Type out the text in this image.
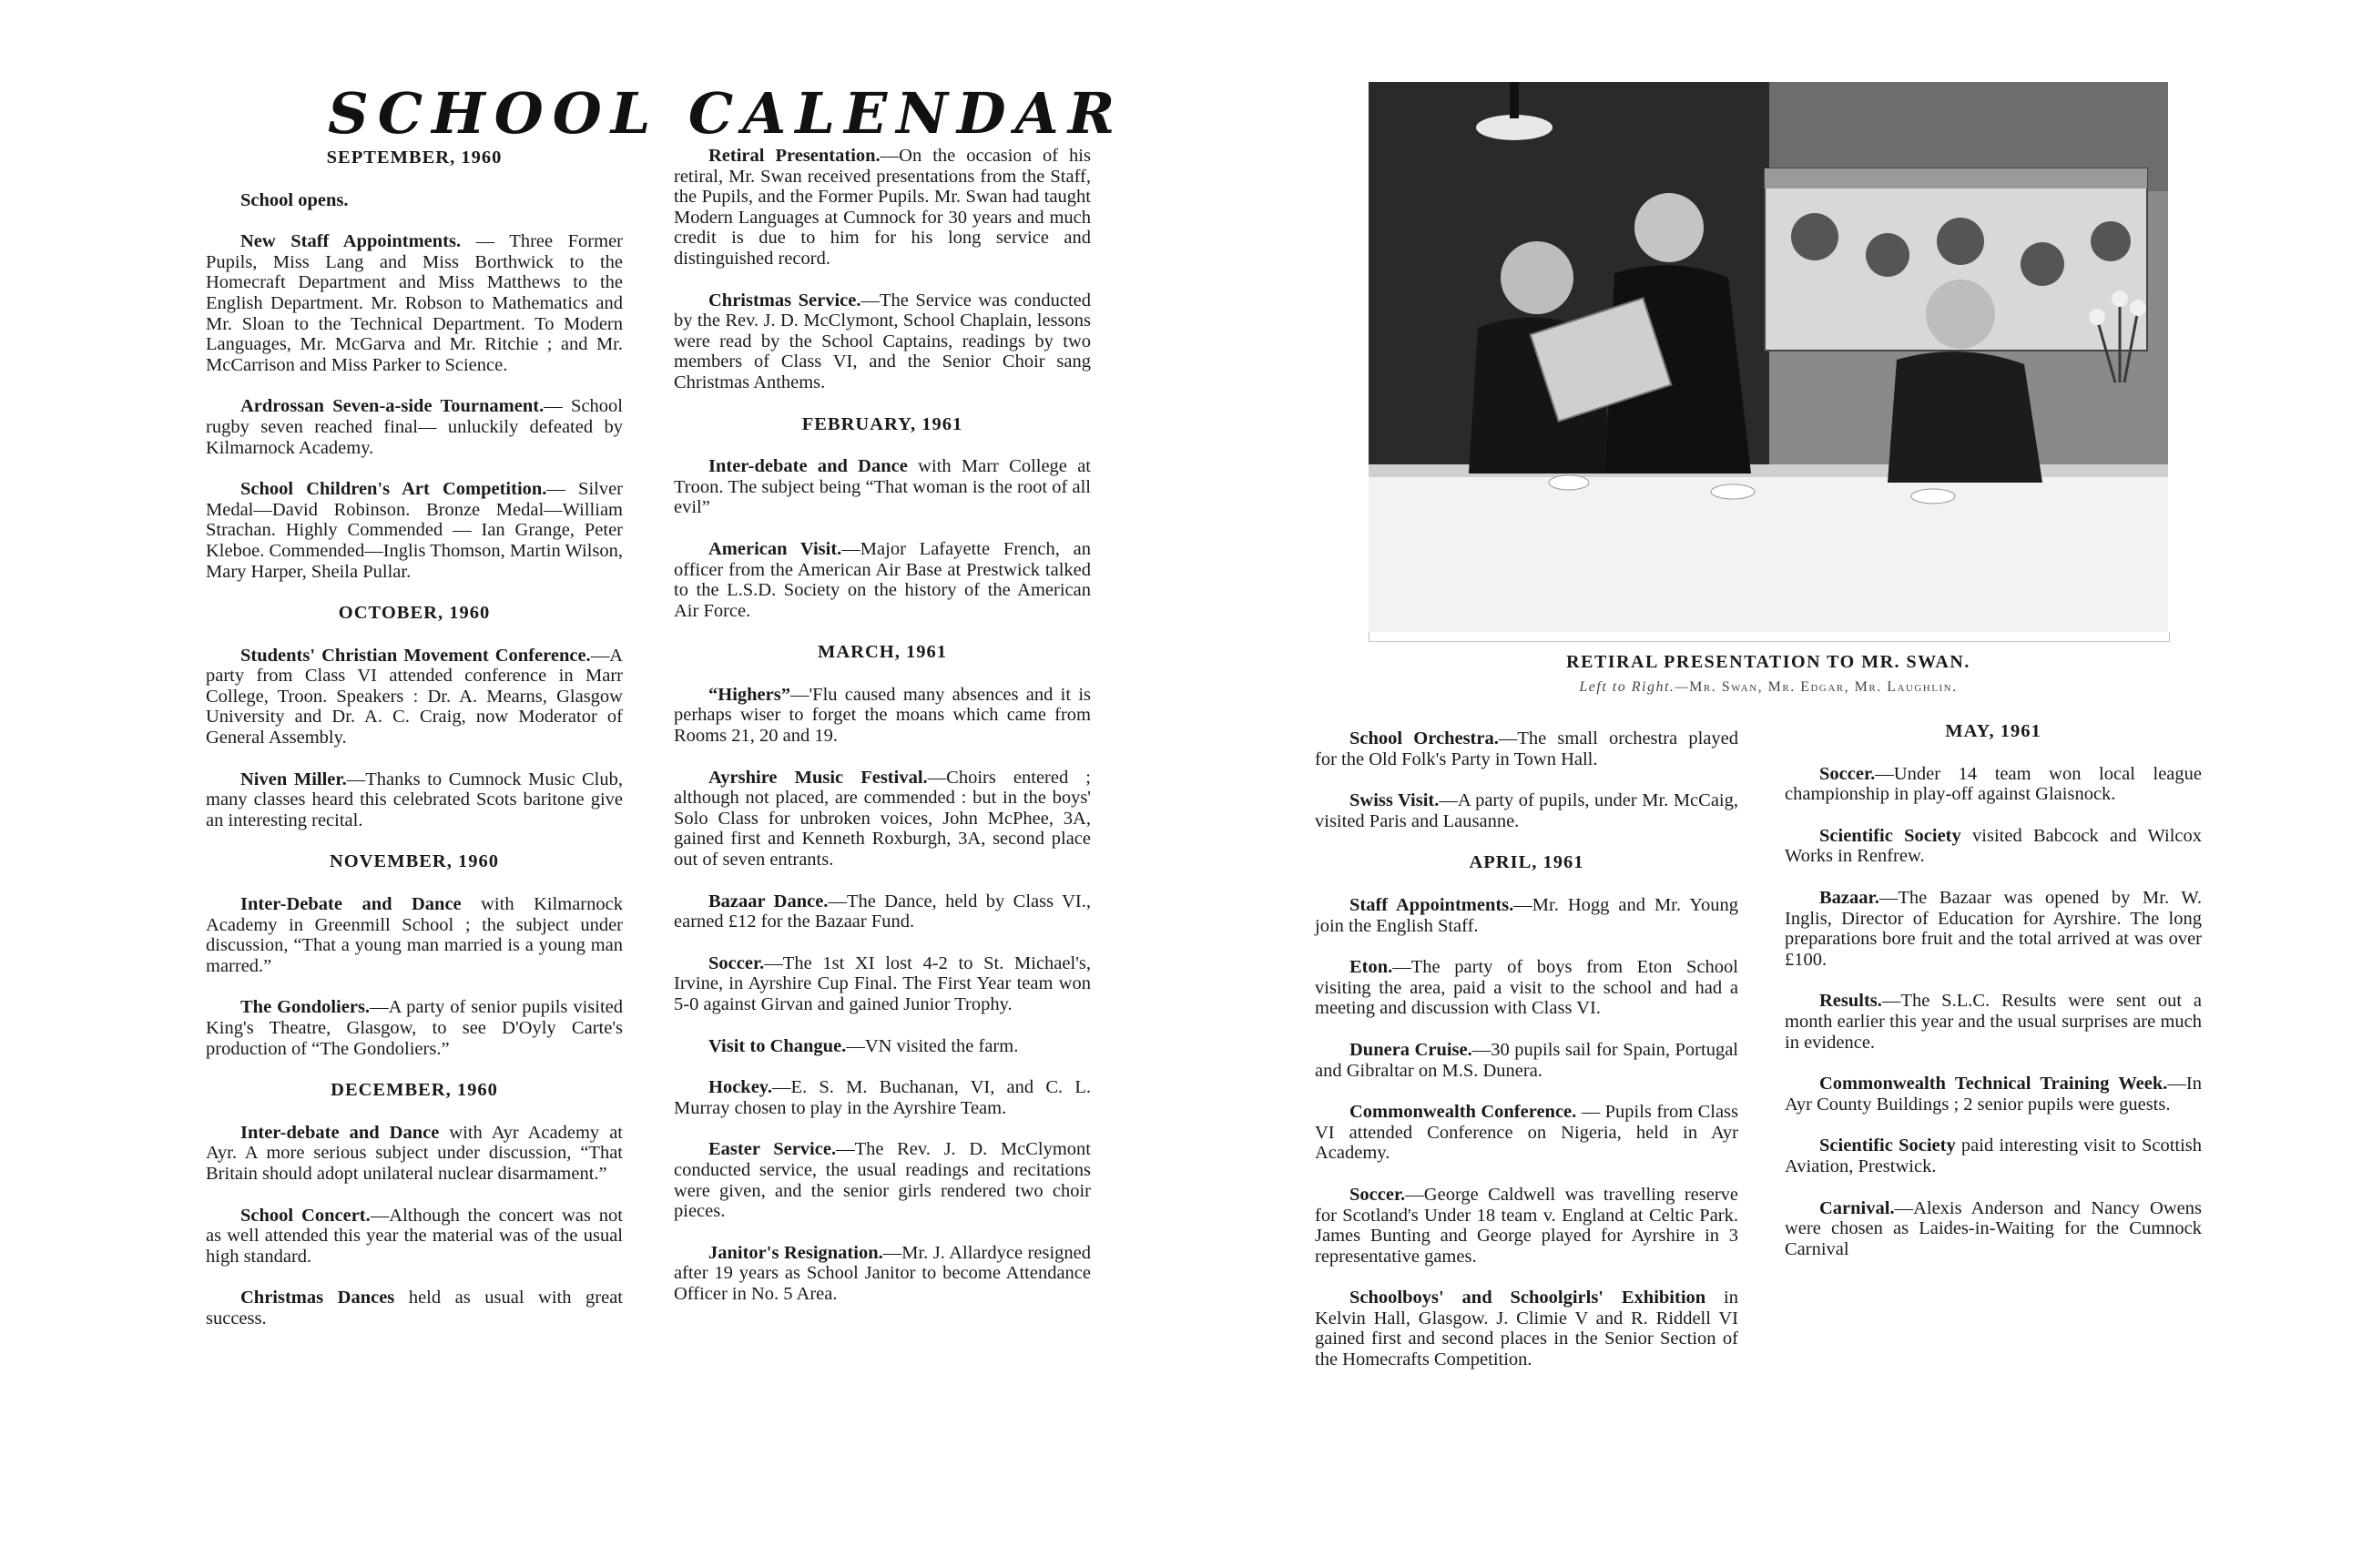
SCHOOL CALENDAR
SEPTEMBER, 1960

School opens.

New Staff Appointments. — Three Former Pupils, Miss Lang and Miss Borthwick to the Homecraft Department and Miss Matthews to the English Department. Mr. Robson to Mathematics and Mr. Sloan to the Technical Department. To Modern Languages, Mr. McGarva and Mr. Ritchie ; and Mr. McCarrison and Miss Parker to Science.

Ardrossan Seven-a-side Tournament.— School rugby seven reached final— unluckily defeated by Kilmarnock Academy.

School Children's Art Competition.— Silver Medal—David Robinson. Bronze Medal—William Strachan. Highly Commended — Ian Grange, Peter Kleboe. Commended—Inglis Thomson, Martin Wilson, Mary Harper, Sheila Pullar.

OCTOBER, 1960

Students' Christian Movement Conference.—A party from Class VI attended conference in Marr College, Troon. Speakers : Dr. A. Mearns, Glasgow University and Dr. A. C. Craig, now Moderator of General Assembly.

Niven Miller.—Thanks to Cumnock Music Club, many classes heard this celebrated Scots baritone give an interesting recital.

NOVEMBER, 1960

Inter-Debate and Dance with Kilmarnock Academy in Greenmill School ; the subject under discussion, “That a young man married is a young man marred.”

The Gondoliers.—A party of senior pupils visited King's Theatre, Glasgow, to see D'Oyly Carte's production of “The Gondoliers.”

DECEMBER, 1960

Inter-debate and Dance with Ayr Academy at Ayr. A more serious subject under discussion, “That Britain should adopt unilateral nuclear disarmament.”

School Concert.—Although the concert was not as well attended this year the material was of the usual high standard.

Christmas Dances held as usual with great success.

Retiral Presentation.—On the occasion of his retiral, Mr. Swan received presentations from the Staff, the Pupils, and the Former Pupils. Mr. Swan had taught Modern Languages at Cumnock for 30 years and much credit is due to him for his long service and distinguished record.

Christmas Service.—The Service was conducted by the Rev. J. D. McClymont, School Chaplain, lessons were read by the School Captains, readings by two members of Class VI, and the Senior Choir sang Christmas Anthems.

FEBRUARY, 1961

Inter-debate and Dance with Marr College at Troon. The subject being “That woman is the root of all evil”

American Visit.—Major Lafayette French, an officer from the American Air Base at Prestwick talked to the L.S.D. Society on the history of the American Air Force.

MARCH, 1961

“Highers”—'Flu caused many absences and it is perhaps wiser to forget the moans which came from Rooms 21, 20 and 19.

Ayrshire Music Festival.—Choirs entered ; although not placed, are commended : but in the boys' Solo Class for unbroken voices, John McPhee, 3A, gained first and Kenneth Roxburgh, 3A, second place out of seven entrants.

Bazaar Dance.—The Dance, held by Class VI., earned £12 for the Bazaar Fund.

Soccer.—The 1st XI lost 4-2 to St. Michael's, Irvine, in Ayrshire Cup Final. The First Year team won 5-0 against Girvan and gained Junior Trophy.

Visit to Changue.—VN visited the farm.

Hockey.—E. S. M. Buchanan, VI, and C. L. Murray chosen to play in the Ayrshire Team.

Easter Service.—The Rev. J. D. McClymont conducted service, the usual readings and recitations were given, and the senior girls rendered two choir pieces.

Janitor's Resignation.—Mr. J. Allardyce resigned after 19 years as School Janitor to become Attendance Officer in No. 5 Area.

RETIRAL PRESENTATION TO MR. SWAN.
Left to Right.—Mr. Swan, Mr. Edgar, Mr. Laughlin.

School Orchestra.—The small orchestra played for the Old Folk's Party in Town Hall.

Swiss Visit.—A party of pupils, under Mr. McCaig, visited Paris and Lausanne.

APRIL, 1961

Staff Appointments.—Mr. Hogg and Mr. Young join the English Staff.

Eton.—The party of boys from Eton School visiting the area, paid a visit to the school and had a meeting and discussion with Class VI.

Dunera Cruise.—30 pupils sail for Spain, Portugal and Gibraltar on M.S. Dunera.

Commonwealth Conference. — Pupils from Class VI attended Conference on Nigeria, held in Ayr Academy.

Soccer.—George Caldwell was travelling reserve for Scotland's Under 18 team v. England at Celtic Park. James Bunting and George played for Ayrshire in 3 representative games.

Schoolboys' and Schoolgirls' Exhibition in Kelvin Hall, Glasgow. J. Climie V and R. Riddell VI gained first and second places in the Senior Section of the Homecrafts Competition.

MAY, 1961

Soccer.—Under 14 team won local league championship in play-off against Glaisnock.

Scientific Society visited Babcock and Wilcox Works in Renfrew.

Bazaar.—The Bazaar was opened by Mr. W. Inglis, Director of Education for Ayrshire. The long preparations bore fruit and the total arrived at was over £100.

Results.—The S.L.C. Results were sent out a month earlier this year and the usual surprises are much in evidence.

Commonwealth Technical Training Week.—In Ayr County Buildings ; 2 senior pupils were guests.

Scientific Society paid interesting visit to Scottish Aviation, Prestwick.

Carnival.—Alexis Anderson and Nancy Owens were chosen as Laides-in-Waiting for the Cumnock Carnival
